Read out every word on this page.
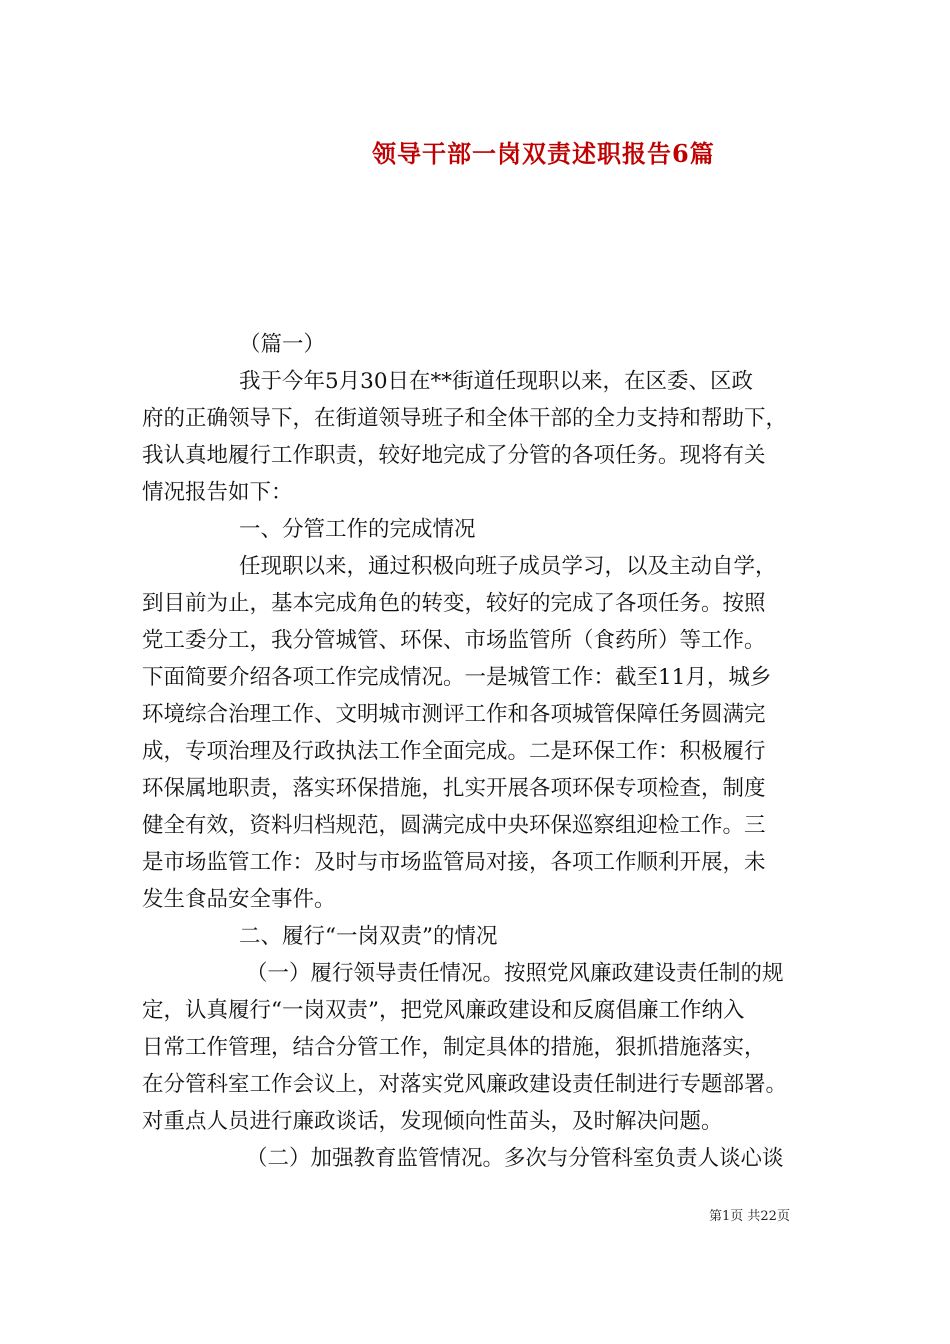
领导干部一岗双责述职报告6篇
（篇一）
我于今年5月30日在**街道任现职以来，在区委、区政
府的正确领导下，在街道领导班子和全体干部的全力支持和帮助下，
我认真地履行工作职责，较好地完成了分管的各项任务。现将有关
情况报告如下：
一、分管工作的完成情况
任现职以来，通过积极向班子成员学习，以及主动自学，
到目前为止，基本完成角色的转变，较好的完成了各项任务。按照
党工委分工，我分管城管、环保、市场监管所（食药所）等工作。
下面简要介绍各项工作完成情况。一是城管工作：截至11月，城乡
环境综合治理工作、文明城市测评工作和各项城管保障任务圆满完
成，专项治理及行政执法工作全面完成。二是环保工作：积极履行
环保属地职责，落实环保措施，扎实开展各项环保专项检查，制度
健全有效，资料归档规范，圆满完成中央环保巡察组迎检工作。三
是市场监管工作：及时与市场监管局对接，各项工作顺利开展，未
发生食品安全事件。
二、履行“一岗双责”的情况
（一）履行领导责任情况。按照党风廉政建设责任制的规
定，认真履行“一岗双责”，把党风廉政建设和反腐倡廉工作纳入
日常工作管理，结合分管工作，制定具体的措施，狠抓措施落实，
在分管科室工作会议上，对落实党风廉政建设责任制进行专题部署。
对重点人员进行廉政谈话，发现倾向性苗头，及时解决问题。
（二）加强教育监管情况。多次与分管科室负责人谈心谈
第1页 共22页
